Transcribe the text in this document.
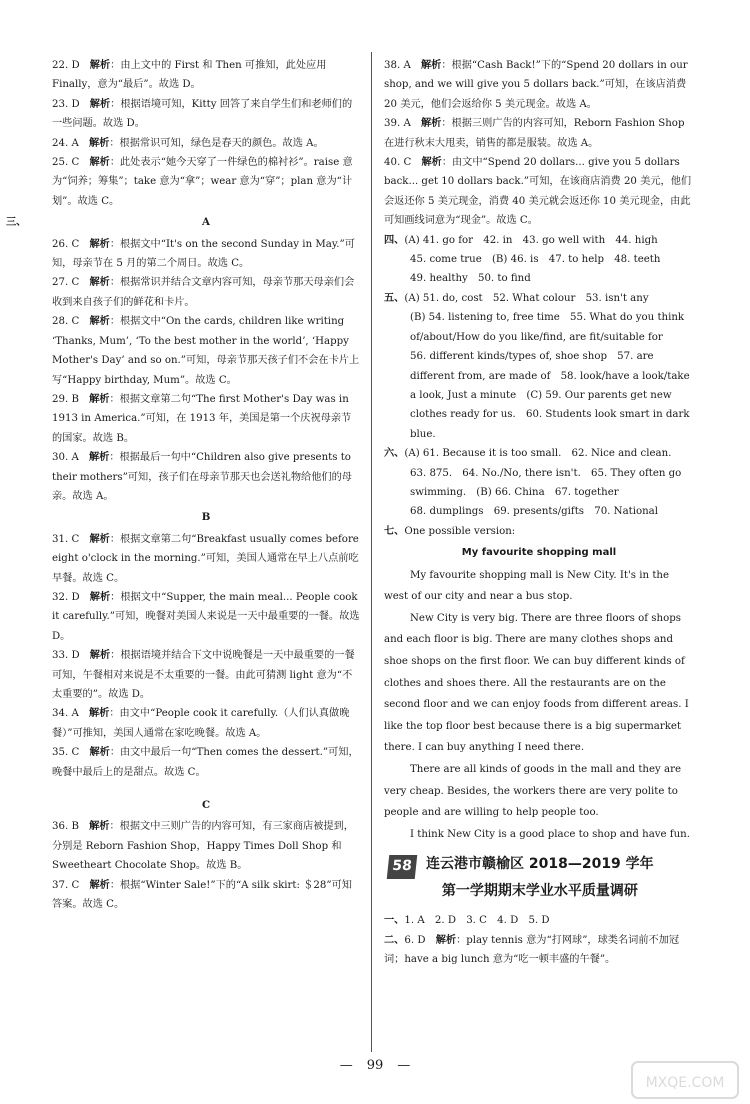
22. D　 解析：由上文中的 First 和 Then 可推知，此处应用 Finally，意为“最后”。故选 D。

23. D　 解析：根据语境可知，Kitty 回答了来自学生们和老师们的一些问题。故选 D。

24. A　 解析：根据常识可知，绿色是春天的颜色。故选 A。

25. C　 解析：此处表示“她今天穿了一件绿色的棉衬衫”。raise 意为“饲养；筹集”；take 意为“拿”；wear 意为“穿”；plan 意为“计划”。故选 C。

A
三、

26. C　 解析：根据文中“It's on the second Sunday in May.”可知，母亲节在 5 月的第二个周日。故选 C。

27. C　 解析：根据常识并结合文章内容可知，母亲节那天母亲们会收到来自孩子们的鲜花和卡片。

28. C　 解析：根据文中“On the cards, children like writing ‘Thanks, Mum’, ‘To the best mother in the world’, ‘Happy Mother's Day’ and so on.”可知，母亲节那天孩子们不会在卡片上写“Happy birthday, Mum”。故选 C。

29. B　 解析：根据文章第二句“The first Mother's Day was in 1913 in America.”可知，在 1913 年，美国是第一个庆祝母亲节的国家。故选 B。

30. A　 解析：根据最后一句中“Children also give presents to their mothers”可知，孩子们在母亲节那天也会送礼物给他们的母亲。故选 A。

B

31. C　 解析：根据文章第二句“Breakfast usually comes before eight o'clock in the morning.”可知，美国人通常在早上八点前吃早餐。故选 C。

32. D　 解析：根据文中“Supper, the main meal... People cook it carefully.”可知，晚餐对美国人来说是一天中最重要的一餐。故选 D。

33. D　 解析：根据语境并结合下文中说晚餐是一天中最重要的一餐可知，午餐相对来说是不太重要的一餐。由此可猜测 light 意为“不太重要的”。故选 D。

34. A　 解析：由文中“People cook it carefully.（人们认真做晚餐）”可推知，美国人通常在家吃晚餐。故选 A。

35. C　 解析：由文中最后一句“Then comes the dessert.”可知，晚餐中最后上的是甜点。故选 C。

C

36. B　 解析：根据文中三则广告的内容可知，有三家商店被提到，分别是 Reborn Fashion Shop，Happy Times Doll Shop 和 Sweetheart Chocolate Shop。故选 B。

37. C　 解析：根据“Winter Sale!”下的“A silk skirt: ＄28”可知答案。故选 C。

38. A　 解析：根据“Cash Back!”下的“Spend 20 dollars in our shop, and we will give you 5 dollars back.”可知，在该店消费 20 美元，他们会返给你 5 美元现金。故选 A。

39. A　 解析：根据三则广告的内容可知，Reborn Fashion Shop 在进行秋末大甩卖，销售的都是服装。故选 A。

40. C　 解析：由文中“Spend 20 dollars... give you 5 dollars back... get 10 dollars back.”可知，在该商店消费 20 美元，他们会返还你 5 美元现金，消费 40 美元就会返还你 10 美元现金，由此可知画线词意为“现金”。故选 C。

四、(A) 41. go for　42. in　43. go well with　44. high

45. come true　(B) 46. is　47. to help　48. teeth

49. healthy　50. to find

五、(A) 51. do, cost　52. What colour　53. isn't any

(B) 54. listening to, free time　55. What do you think of/about/How do you like/find, are fit/suitable for

56. different kinds/types of, shoe shop　57. are different from, are made of　58. look/have a look/take a look, Just a minute　(C) 59. Our parents get new clothes ready for us.　60. Students look smart in dark blue.

六、(A) 61. Because it is too small.　62. Nice and clean.

63. 875.　64. No./No, there isn't.　65. They often go swimming.　(B) 66. China　67. together

68. dumplings　69. presents/gifts　70. National

七、One possible version:

My favourite shopping mall

My favourite shopping mall is New City. It's in the west of our city and near a bus stop.

New City is very big. There are three floors of shops and each floor is big. There are many clothes shops and shoe shops on the first floor. We can buy different kinds of clothes and shoes there. All the restaurants are on the second floor and we can enjoy foods from different areas. I like the top floor best because there is a big supermarket there. I can buy anything I need there.

There are all kinds of goods in the mall and they are very cheap. Besides, the workers there are very polite to people and are willing to help people too.

I think New City is a good place to shop and have fun.

58 连云港市赣榆区 2018—2019 学年
第一学期期末学业水平质量调研

一、1. A　2. D　3. C　4. D　5. D

二、6. D　 解析：play tennis 意为“打网球”，球类名词前不加冠词；have a big lunch 意为“吃一顿丰盛的午餐”。

— 99 —
MXQE.COM
